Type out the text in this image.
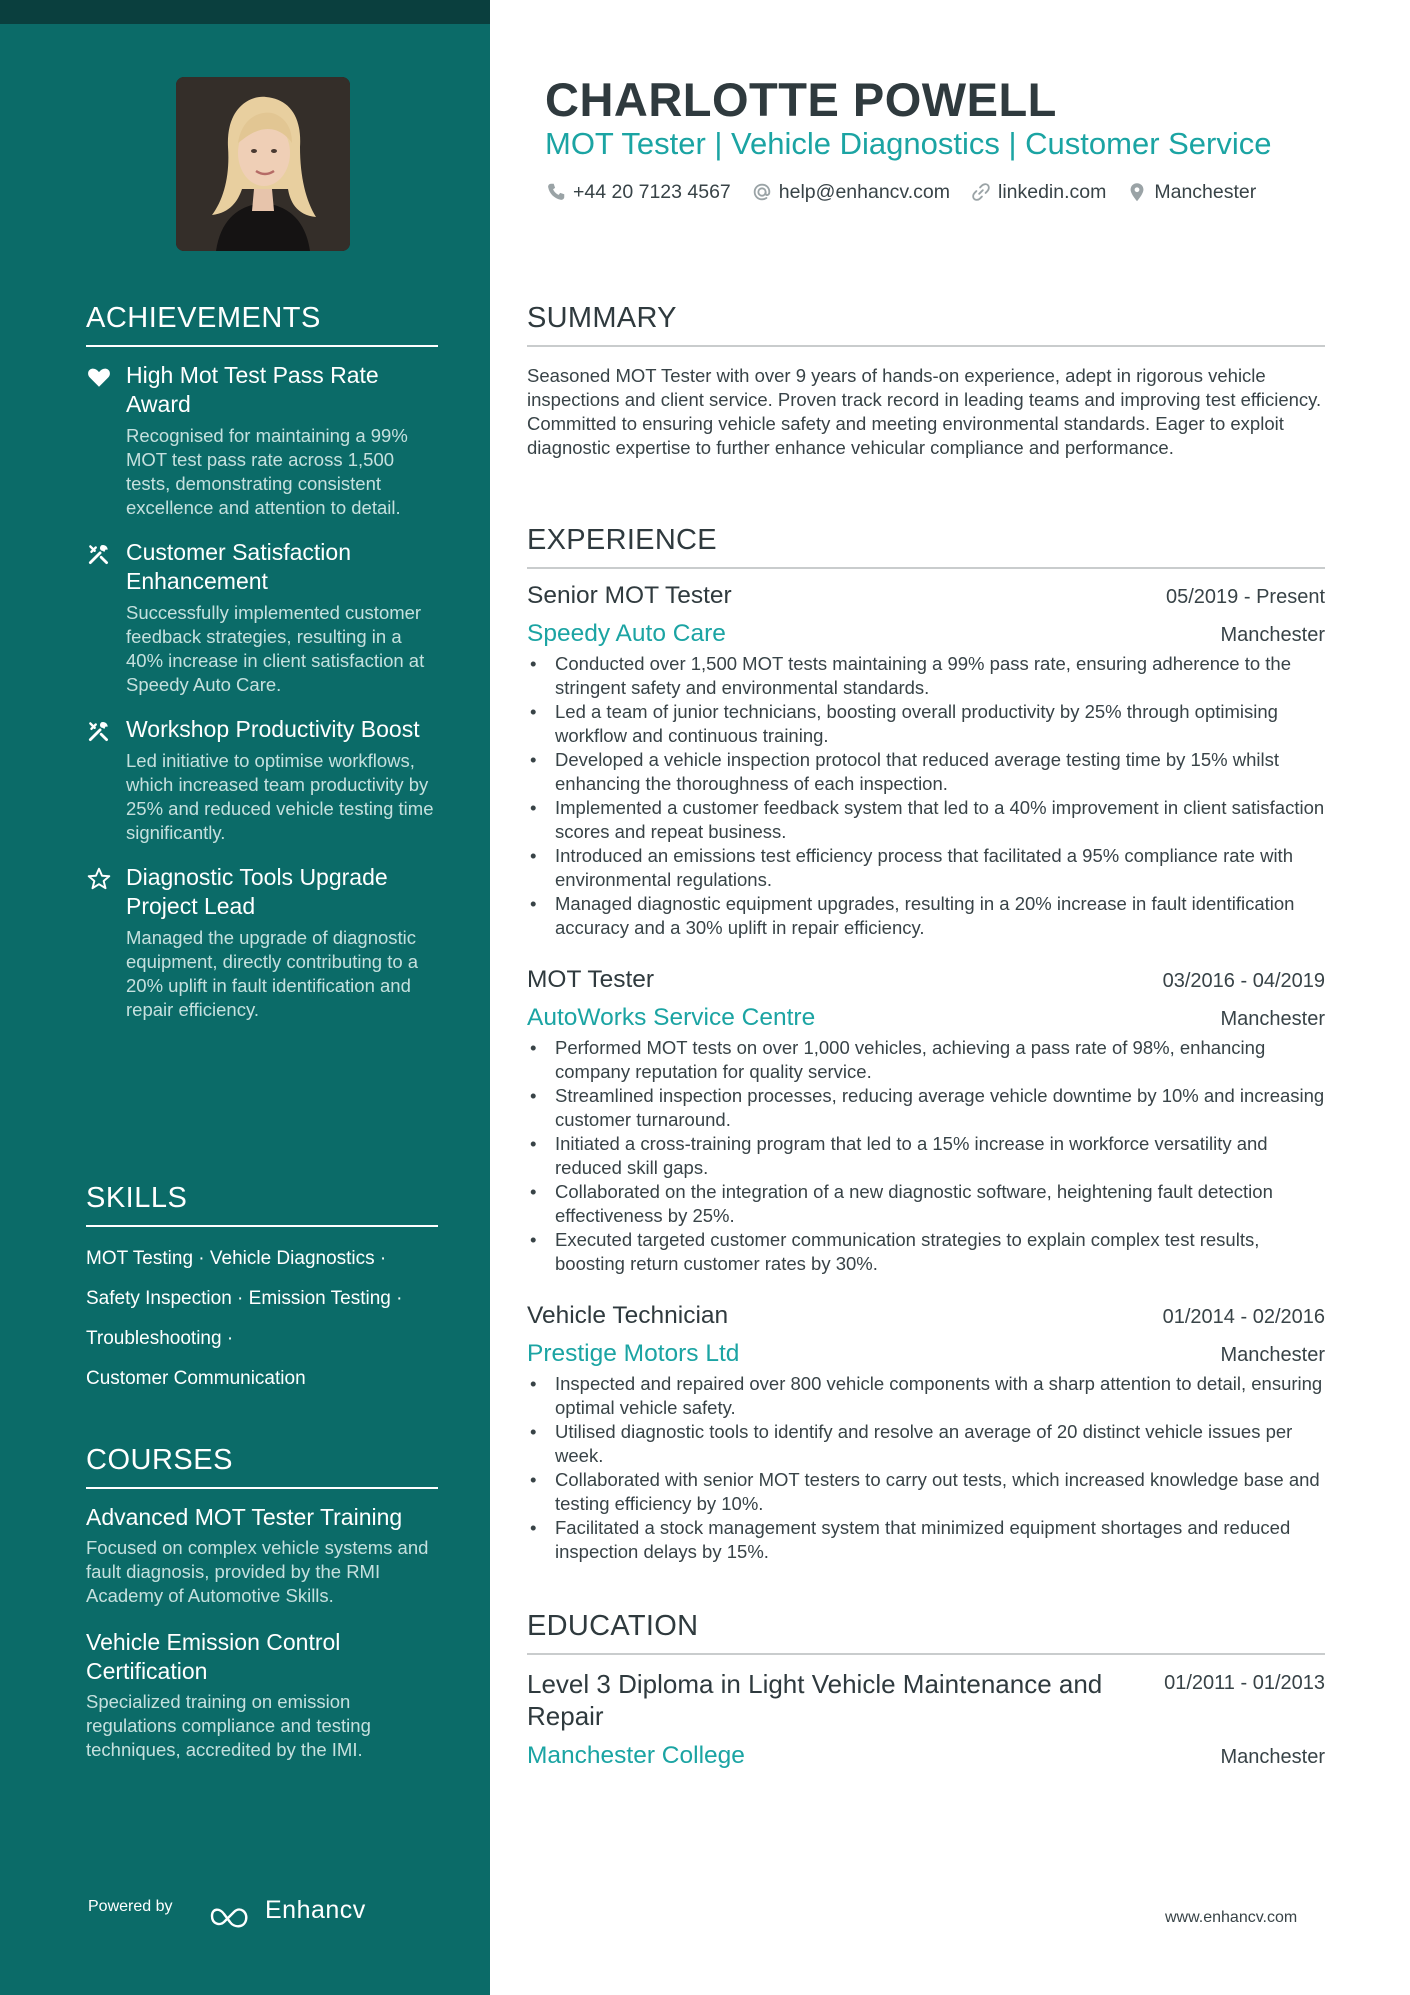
ACHIEVEMENTS
High Mot Test Pass Rate Award
Recognised for maintaining a 99% MOT test pass rate across 1,500 tests, demonstrating consistent excellence and attention to detail.
Customer Satisfaction Enhancement
Successfully implemented customer feedback strategies, resulting in a 40% increase in client satisfaction at Speedy Auto Care.
Workshop Productivity Boost
Led initiative to optimise workflows, which increased team productivity by 25% and reduced vehicle testing time significantly.
Diagnostic Tools Upgrade Project Lead
Managed the upgrade of diagnostic equipment, directly contributing to a 20% uplift in fault identification and repair efficiency.
SKILLS
MOT Testing · Vehicle Diagnostics ·
Safety Inspection · Emission Testing ·
Troubleshooting ·
Customer Communication
COURSES
Advanced MOT Tester Training
Focused on complex vehicle systems and fault diagnosis, provided by the RMI Academy of Automotive Skills.
Vehicle Emission Control Certification
Specialized training on emission regulations compliance and testing techniques, accredited by the IMI.
Powered by	Enhancv
CHARLOTTE POWELL
MOT Tester | Vehicle Diagnostics | Customer Service
+44 20 7123 4567 help@enhancv.com linkedin.com Manchester
SUMMARY
Seasoned MOT Tester with over 9 years of hands-on experience, adept in rigorous vehicle inspections and client service. Proven track record in leading teams and improving test efficiency. Committed to ensuring vehicle safety and meeting environmental standards. Eager to exploit diagnostic expertise to further enhance vehicular compliance and performance.
EXPERIENCE
Senior MOT Tester	05/2019 - Present
Speedy Auto Care	Manchester
• Conducted over 1,500 MOT tests maintaining a 99% pass rate, ensuring adherence to the stringent safety and environmental standards.
• Led a team of junior technicians, boosting overall productivity by 25% through optimising workflow and continuous training.
• Developed a vehicle inspection protocol that reduced average testing time by 15% whilst enhancing the thoroughness of each inspection.
• Implemented a customer feedback system that led to a 40% improvement in client satisfaction scores and repeat business.
• Introduced an emissions test efficiency process that facilitated a 95% compliance rate with environmental regulations.
• Managed diagnostic equipment upgrades, resulting in a 20% increase in fault identification accuracy and a 30% uplift in repair efficiency.
MOT Tester	03/2016 - 04/2019
AutoWorks Service Centre	Manchester
• Performed MOT tests on over 1,000 vehicles, achieving a pass rate of 98%, enhancing company reputation for quality service.
• Streamlined inspection processes, reducing average vehicle downtime by 10% and increasing customer turnaround.
• Initiated a cross-training program that led to a 15% increase in workforce versatility and reduced skill gaps.
• Collaborated on the integration of a new diagnostic software, heightening fault detection effectiveness by 25%.
• Executed targeted customer communication strategies to explain complex test results, boosting return customer rates by 30%.
Vehicle Technician	01/2014 - 02/2016
Prestige Motors Ltd	Manchester
• Inspected and repaired over 800 vehicle components with a sharp attention to detail, ensuring optimal vehicle safety.
• Utilised diagnostic tools to identify and resolve an average of 20 distinct vehicle issues per week.
• Collaborated with senior MOT testers to carry out tests, which increased knowledge base and testing efficiency by 10%.
• Facilitated a stock management system that minimized equipment shortages and reduced inspection delays by 15%.
EDUCATION
Level 3 Diploma in Light Vehicle Maintenance and Repair
01/2011 - 01/2013
Manchester College	Manchester
www.enhancv.com
